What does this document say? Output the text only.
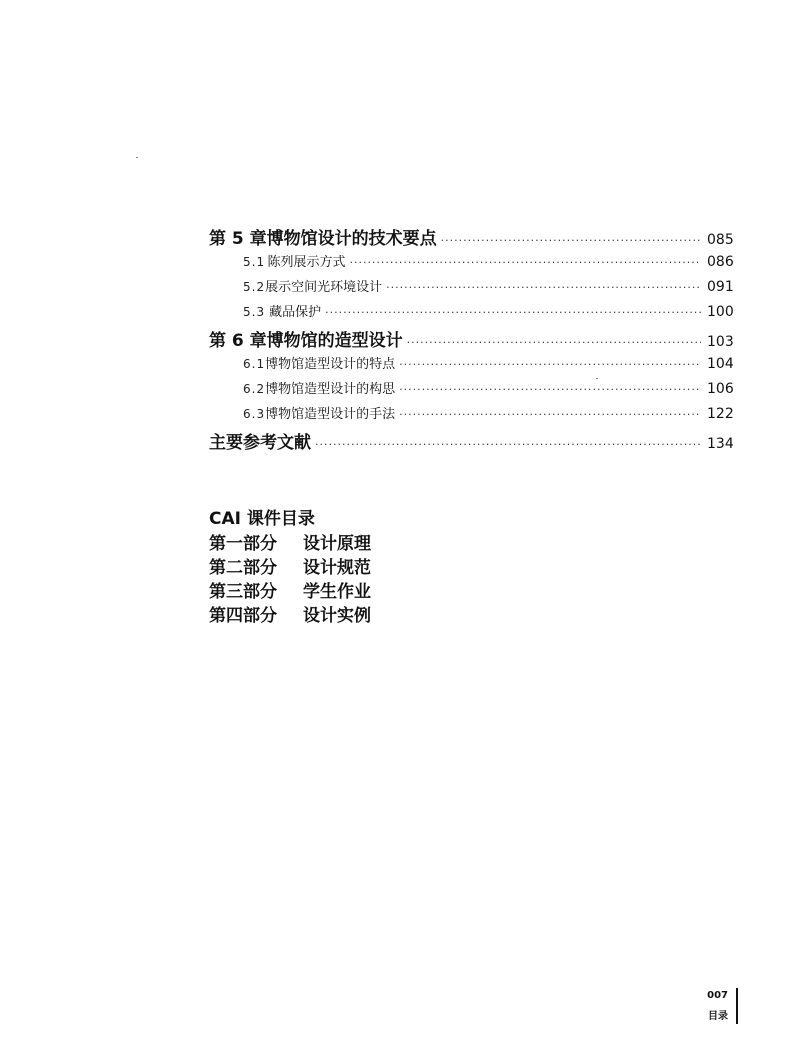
第 5 章 博物馆设计的技术要点 ·····	085
5.1 陈列展示方式 ·····	086
5.2 展示空间光环境设计 ·····	091
5.3 藏品保护 ·····	100
第 6 章 博物馆的造型设计 ·····	103
6.1 博物馆造型设计的特点 ·····	104
6.2 博物馆造型设计的构思 ·····	106
6.3 博物馆造型设计的手法 ·····	122
主要参考文献 ·····	134
CAI 课件目录
第一部分 设计原理
第二部分 设计规范
第三部分 学生作业
第四部分 设计实例
007
目录
